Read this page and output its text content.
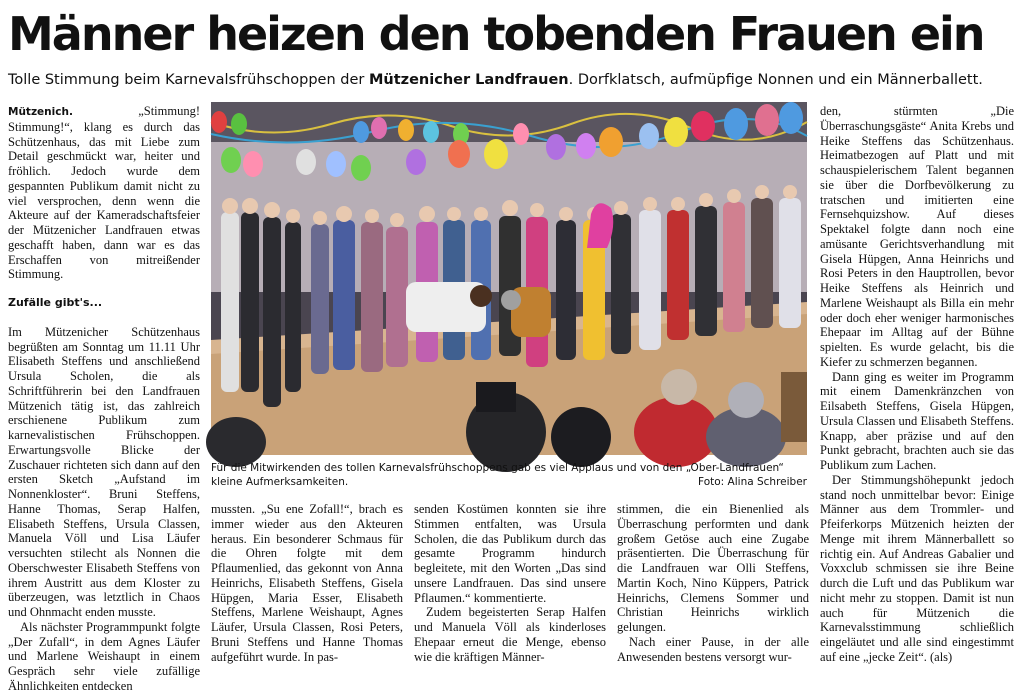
Männer heizen den tobenden Frauen ein
Tolle Stimmung beim Karnevalsfrühschoppen der Mützenicher Landfrauen. Dorfklatsch, aufmüpfige Nonnen und ein Männerballett.

Mützenich.	„Stimmung! Stimmung!“, klang es durch das Schützenhaus, das mit Liebe zum Detail geschmückt war, heiter und fröhlich. Jedoch wurde dem gespannten Publikum damit nicht zu viel versprochen, denn wenn die Akteure auf der Kameradschaftsfeier der Mützenicher Landfrauen etwas geschafft haben, dann war es das Erschaffen von mitreißender Stimmung.

Zufälle gibt's...

Im Mützenicher Schützenhaus begrüßten am Sonntag um 11.11 Uhr Elisabeth Steffens und anschließend Ursula Scholen, die als Schriftführerin bei den Landfrauen Mützenich tätig ist, das zahlreich erschienene Publikum zum karnevalistischen Frühschoppen. Erwartungsvolle Blicke der Zuschauer richteten sich dann auf den ersten Sketch „Aufstand im Nonnenkloster“. Bruni Steffens, Hanne Thomas, Serap Halfen, Elisabeth Steffens, Ursula Classen, Manuela Völl und Lisa Läufer versuchten stilecht als Nonnen die Oberschwester Elisabeth Steffens von ihrem Austritt aus dem Kloster zu überzeugen, was letztlich in Chaos und Ohnmacht enden musste.

Als nächster Programmpunkt folgte „Der Zufall“, in dem Agnes Läufer und Marlene Weishaupt in einem Gespräch sehr viele zufällige Ähnlichkeiten entdecken

Für die Mitwirkenden des tollen Karnevalsfrühschoppens gab es viel Applaus und von den „Ober-Landfrauen“ kleine Aufmerksamkeiten.	Foto: Alina Schreiber

mussten. „Su ene Zofall!“, brach es immer wieder aus den Akteuren heraus. Ein besonderer Schmaus für die Ohren folgte mit dem Pflaumenlied, das gekonnt von Anna Heinrichs, Elisabeth Steffens, Gisela Hüpgen, Maria Esser, Elisabeth Steffens, Marlene Weishaupt, Agnes Läufer, Ursula Classen, Rosi Peters, Bruni Steffens und Hanne Thomas aufgeführt wurde. In pas-

senden Kostümen konnten sie ihre Stimmen entfalten, was Ursula Scholen, die das Publikum durch das gesamte Programm hindurch begleitete, mit den Worten „Das sind unsere Landfrauen. Das sind unsere Pflaumen.“ kommentierte.

Zudem begeisterten Serap Halfen und Manuela Völl als kinderloses Ehepaar erneut die Menge, ebenso wie die kräftigen Männer-

stimmen, die ein Bienenlied als Überraschung performten und dank großem Getöse auch eine Zugabe präsentierten. Die Überraschung für die Landfrauen war Olli Steffens, Martin Koch, Nino Küppers, Patrick Heinrichs, Clemens Sommer und Christian Heinrichs wirklich gelungen.

Nach einer Pause, in der alle Anwesenden bestens versorgt wur-

den, stürmten „Die Überraschungsgäste“ Anita Krebs und Heike Steffens das Schützenhaus. Heimatbezogen auf Platt und mit schauspielerischem Talent begannen sie über die Dorfbevölkerung zu tratschen und imitierten eine Fernsehquizshow. Auf dieses Spektakel folgte dann noch eine amüsante Gerichtsverhandlung mit Gisela Hüpgen, Anna Heinrichs und Rosi Peters in den Hauptrollen, bevor Heike Steffens als Heinrich und Marlene Weishaupt als Billa ein mehr oder doch eher weniger harmonisches Ehepaar im Alltag auf der Bühne spielten. Es wurde gelacht, bis die Kiefer zu schmerzen begannen.

Dann ging es weiter im Programm mit einem Damenkränzchen von Eilsabeth Steffens, Gisela Hüpgen, Ursula Classen und Elisabeth Steffens. Knapp, aber präzise und auf den Punkt gebracht, brachten auch sie das Publikum zum Lachen.

Der Stimmungshöhepunkt jedoch stand noch unmittelbar bevor: Einige Männer aus dem Trommler- und Pfeiferkorps Mützenich heizten der Menge mit ihrem Männerballett so richtig ein. Auf Andreas Gabalier und Voxxclub schmissen sie ihre Beine durch die Luft und das Publikum war nicht mehr zu stoppen. Damit ist nun auch für Mützenich die Karnevalsstimmung schließlich eingeläutet und alle sind eingestimmt auf eine „jecke Zeit“. (als)
